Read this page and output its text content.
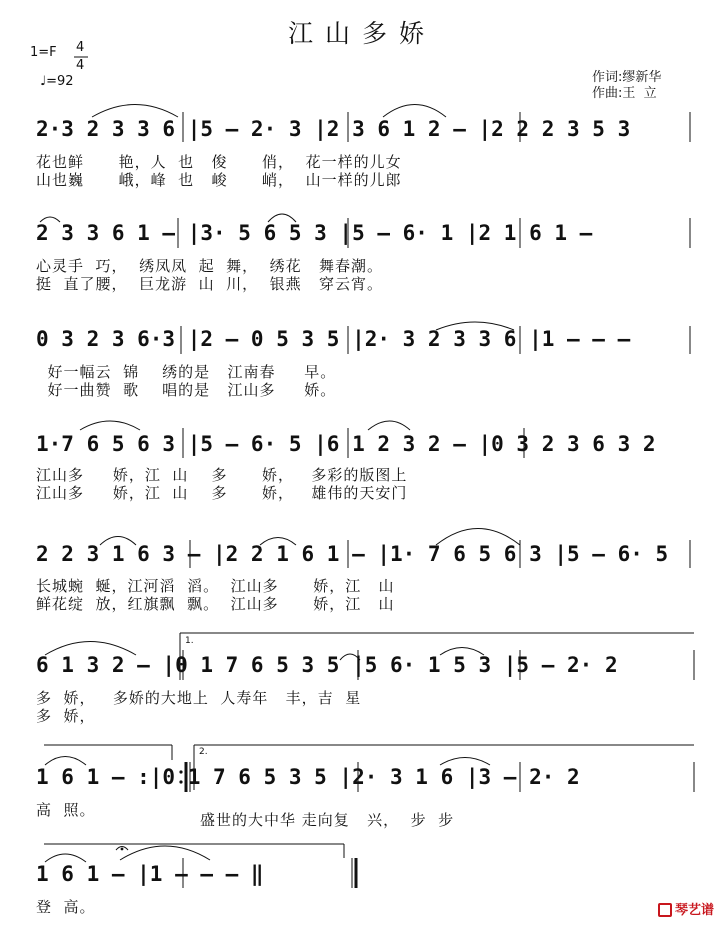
江山多娇
1=F 4
4
♩=92	作词:缪新华
作曲:王  立
2·3 2 3 3 6 |5 – 2· 3 |2 3 6 1 2 – |2 2 2 3 5 3
花也鲜      艳，人  也   俊      俏，  花一样的儿女
山也巍      峨，峰  也   峻      峭，  山一样的儿郎
2 3 3 6 1 – |3· 5 6 5 3 |5 – 6· 1 |2 1 6 1 –
心灵手  巧，  绣凤凤  起  舞，  绣花   舞春潮。
挺  直了腰，  巨龙游  山  川，  银燕   穿云宵。
0 3 2 3 6·3 |2 – 0 5 3 5 |2· 3 2 3 3 6 |1 – – –
好一幅云  锦    绣的是   江南春     早。
好一曲赞  歌    唱的是   江山多     娇。
1·7 6 5 6 3 |5 – 6· 5 |6 1 2 3 2 – |0 3 2 3 6 3 2
江山多     娇，江  山    多      娇，   多彩的版图上
江山多     娇，江  山    多      娇，   雄伟的天安门
2 2 3 1 6 3 – |2 2 1 6 1 – |1· 7 6 5 6 3 |5 – 6· 5
长城蜿  蜒，江河滔  滔。  江山多      娇，江   山
鲜花绽  放，红旗飘  飘。  江山多      娇，江   山
1.
6 1 3 2 – |0 1 7 6 5 3 5 |5 6· 1 5 3 |5 – 2· 2
多  娇，   多娇的大地上  人寿年   丰，吉  星
多  娇，
2.
1 6 1 – :|0 1 7 6 5 3 5 |2· 3 1 6 |3 – 2· 2
高  照。
盛世的大中华 走向复   兴，  步  步
1 6 1 – |1 – – – ‖
登  高。	琴艺谱
